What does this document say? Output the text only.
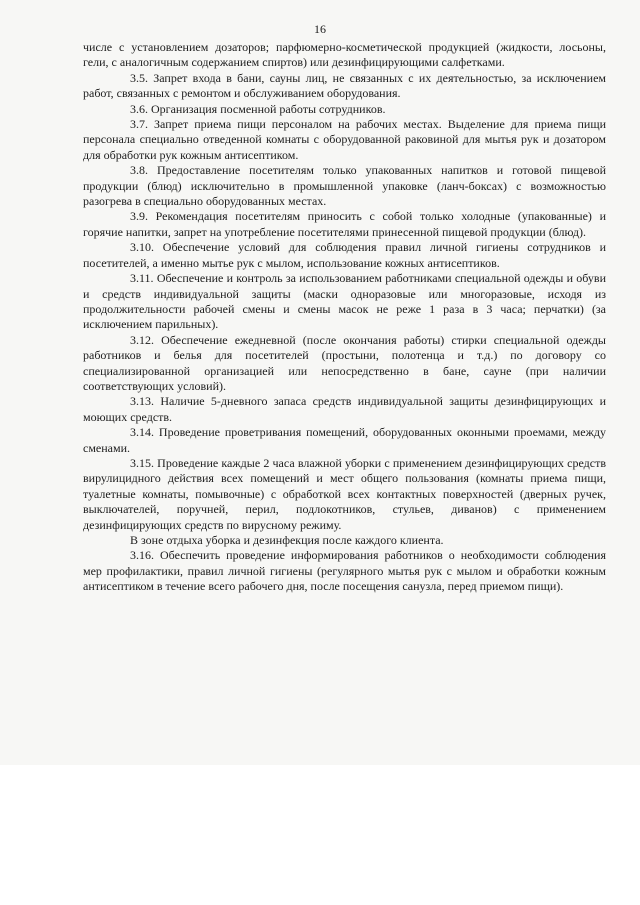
16

числе с установлением дозаторов; парфюмерно-косметической продукцией (жидкости, лосьоны, гели, с аналогичным содержанием спиртов) или дезинфицирующими салфетками.

3.5. Запрет входа в бани, сауны лиц, не связанных с их деятельностью, за исключением работ, связанных с ремонтом и обслуживанием оборудования.

3.6. Организация посменной работы сотрудников.

3.7. Запрет приема пищи персоналом на рабочих местах. Выделение для приема пищи персонала специально отведенной комнаты с оборудованной раковиной для мытья рук и дозатором для обработки рук кожным антисептиком.

3.8. Предоставление посетителям только упакованных напитков и готовой пищевой продукции (блюд) исключительно в промышленной упаковке (ланч-боксах) с возможностью разогрева в специально оборудованных местах.

3.9. Рекомендация посетителям приносить с собой только холодные (упакованные) и горячие напитки, запрет на употребление посетителями принесенной пищевой продукции (блюд).

3.10. Обеспечение условий для соблюдения правил личной гигиены сотрудников и посетителей, а именно мытье рук с мылом, использование кожных антисептиков.

3.11. Обеспечение и контроль за использованием работниками специальной одежды и обуви и средств индивидуальной защиты (маски одноразовые или многоразовые, исходя из продолжительности рабочей смены и смены масок не реже 1 раза в 3 часа; перчатки) (за исключением парильных).

3.12. Обеспечение ежедневной (после окончания работы) стирки специальной одежды работников и белья для посетителей (простыни, полотенца и т.д.) по договору со специализированной организацией или непосредственно в бане, сауне (при наличии соответствующих условий).

3.13. Наличие 5-дневного запаса средств индивидуальной защиты дезинфицирующих и моющих средств.

3.14. Проведение проветривания помещений, оборудованных оконными проемами, между сменами.

3.15. Проведение каждые 2 часа влажной уборки с применением дезинфицирующих средств вирулицидного действия всех помещений и мест общего пользования (комнаты приема пищи, туалетные комнаты, помывочные) с обработкой всех контактных поверхностей (дверных ручек, выключателей, поручней, перил, подлокотников, стульев, диванов) с применением дезинфицирующих средств по вирусному режиму.

В зоне отдыха уборка и дезинфекция после каждого клиента.

3.16. Обеспечить проведение информирования работников о необходимости соблюдения мер профилактики, правил личной гигиены (регулярного мытья рук с мылом и обработки кожным антисептиком в течение всего рабочего дня, после посещения санузла, перед приемом пищи).
